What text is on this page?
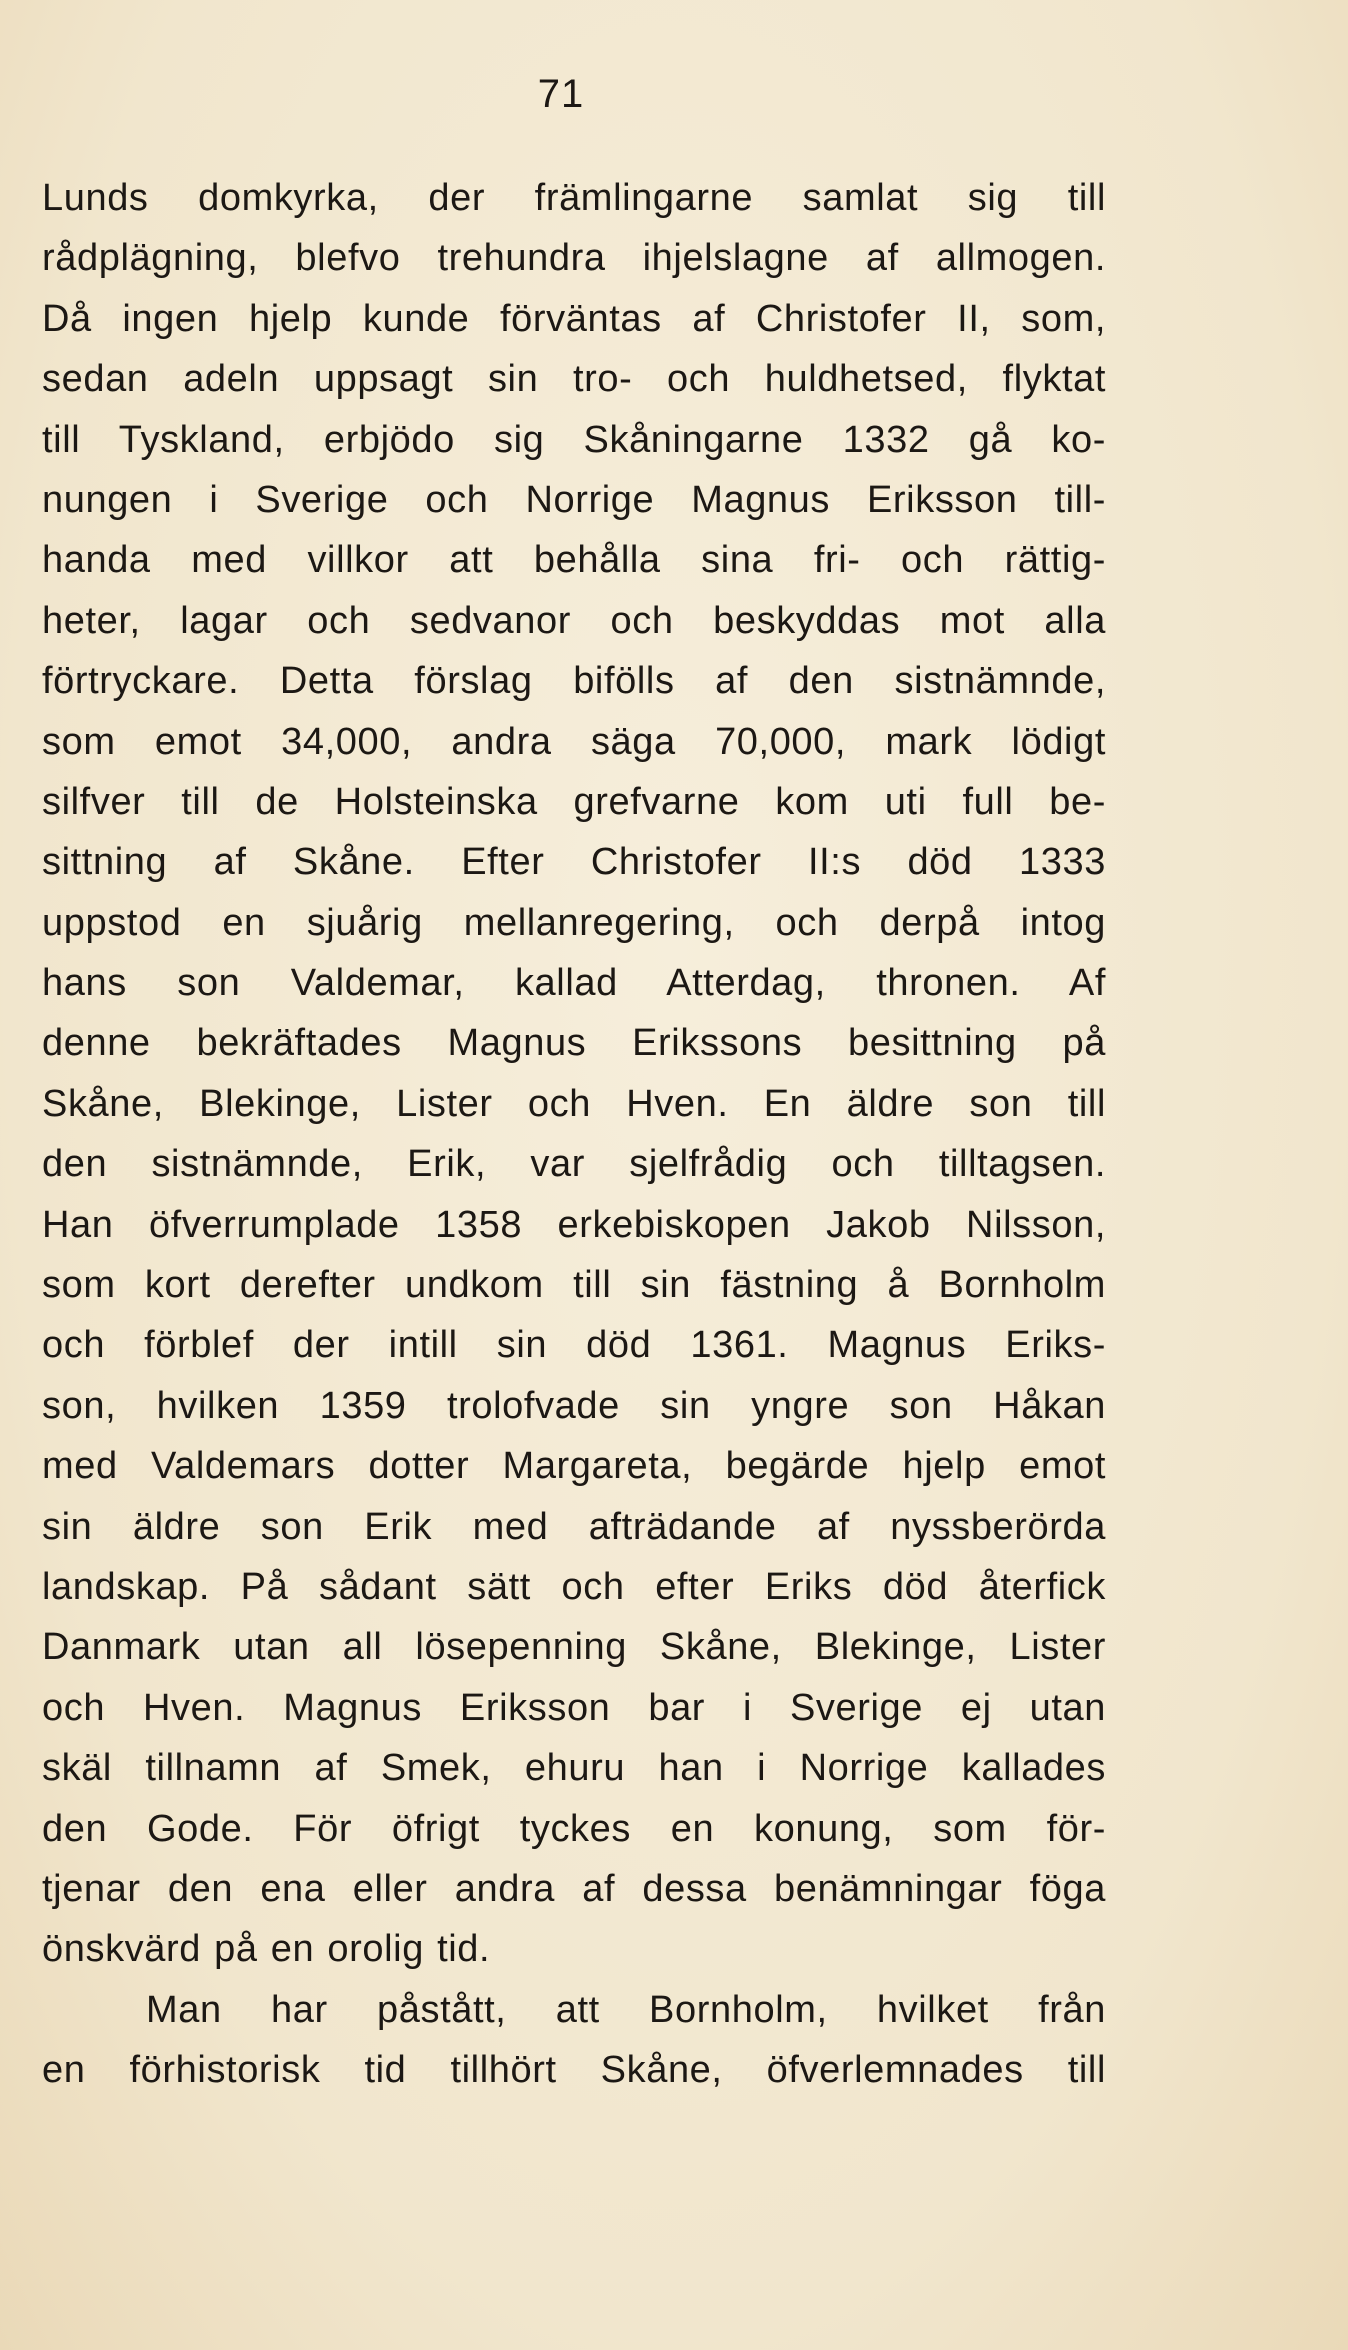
71
Lunds domkyrka, der främlingarne samlat sig till
rådplägning, blefvo trehundra ihjelslagne af allmogen.
Då ingen hjelp kunde förväntas af Christofer II, som,
sedan adeln uppsagt sin tro- och huldhetsed, flyktat
till Tyskland, erbjödo sig Skåningarne 1332 gå ko-
nungen i Sverige och Norrige Magnus Eriksson till-
handa med villkor att behålla sina fri- och rättig-
heter, lagar och sedvanor och beskyddas mot alla
förtryckare. Detta förslag bifölls af den sistnämnde,
som emot 34,000, andra säga 70,000, mark lödigt
silfver till de Holsteinska grefvarne kom uti full be-
sittning af Skåne. Efter Christofer II:s död 1333
uppstod en sjuårig mellanregering, och derpå intog
hans son Valdemar, kallad Atterdag, thronen. Af
denne bekräftades Magnus Erikssons besittning på
Skåne, Blekinge, Lister och Hven. En äldre son till
den sistnämnde, Erik, var sjelfrådig och tilltagsen.
Han öfverrumplade 1358 erkebiskopen Jakob Nilsson,
som kort derefter undkom till sin fästning å Bornholm
och förblef der intill sin död 1361. Magnus Eriks-
son, hvilken 1359 trolofvade sin yngre son Håkan
med Valdemars dotter Margareta, begärde hjelp emot
sin äldre son Erik med afträdande af nyssberörda
landskap. På sådant sätt och efter Eriks död återfick
Danmark utan all lösepenning Skåne, Blekinge, Lister
och Hven. Magnus Eriksson bar i Sverige ej utan
skäl tillnamn af Smek, ehuru han i Norrige kallades
den Gode. För öfrigt tyckes en konung, som för-
tjenar den ena eller andra af dessa benämningar föga
önskvärd på en orolig tid.
Man har påstått, att Bornholm, hvilket från
en förhistorisk tid tillhört Skåne, öfverlemnades till
